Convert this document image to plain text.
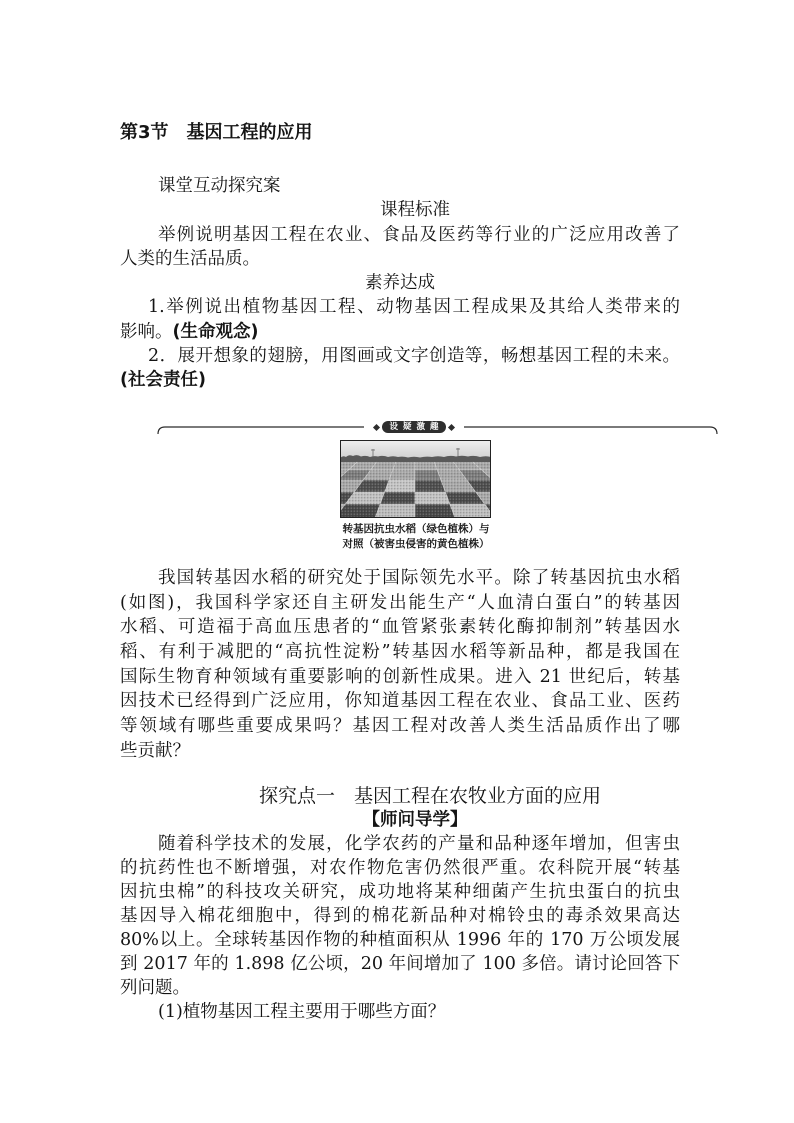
第3节　基因工程的应用
课堂互动探究案
课程标准
举例说明基因工程在农业、食品及医药等行业的广泛应用改善了
人类的生活品质。
素养达成
1.举例说出植物基因工程、动物基因工程成果及其给人类带来的
影响。(生命观念)
2．展开想象的翅膀，用图画或文字创造等，畅想基因工程的未来。
(社会责任)
设疑激趣
转基因抗虫水稻（绿色植株）与
对照（被害虫侵害的黄色植株）
我国转基因水稻的研究处于国际领先水平。除了转基因抗虫水稻
(如图)，我国科学家还自主研发出能生产“人血清白蛋白”的转基因
水稻、可造福于高血压患者的“血管紧张素转化酶抑制剂”转基因水
稻、有利于减肥的“高抗性淀粉”转基因水稻等新品种，都是我国在
国际生物育种领域有重要影响的创新性成果。进入 21 世纪后，转基
因技术已经得到广泛应用，你知道基因工程在农业、食品工业、医药
等领域有哪些重要成果吗？基因工程对改善人类生活品质作出了哪
些贡献？
探究点一　基因工程在农牧业方面的应用
【师问导学】
随着科学技术的发展，化学农药的产量和品种逐年增加，但害虫
的抗药性也不断增强，对农作物危害仍然很严重。农科院开展“转基
因抗虫棉”的科技攻关研究，成功地将某种细菌产生抗虫蛋白的抗虫
基因导入棉花细胞中，得到的棉花新品种对棉铃虫的毒杀效果高达
80%以上。全球转基因作物的种植面积从 1996 年的 170 万公顷发展
到 2017 年的 1.898 亿公顷，20 年间增加了 100 多倍。请讨论回答下
列问题。
(1)植物基因工程主要用于哪些方面？
